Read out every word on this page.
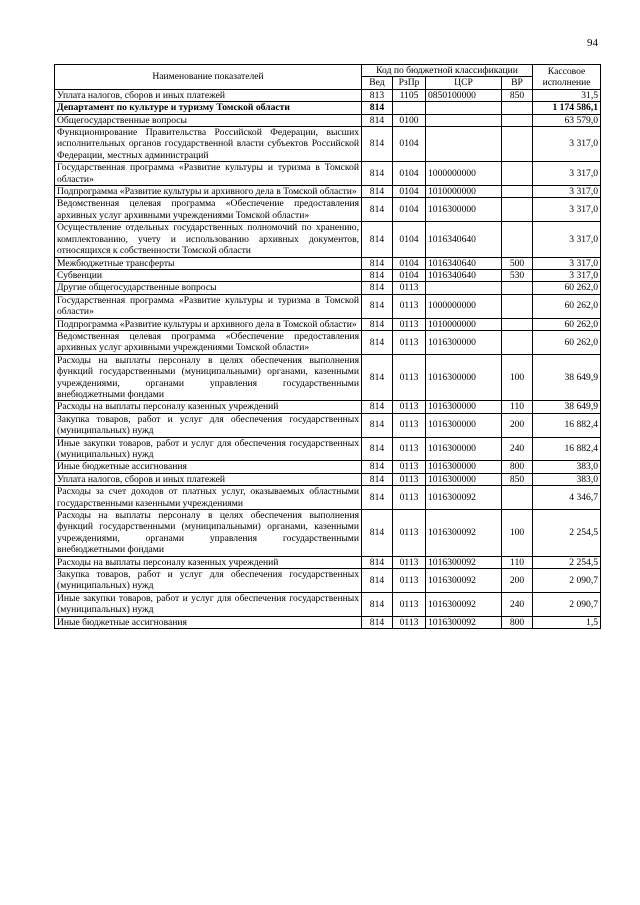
94
Наименование показателей	Код по бюджетной классификации				Кассовое исполнение
	Вед	РзПр	ЦСР	ВР	
Уплата налогов, сборов и иных платежей	813	1105	0850100000	850	31,5
Департамент по культуре и туризму Томской области	814				1 174 586,1
Общегосударственные вопросы	814	0100			63 579,0
Функционирование Правительства Российской Федерации, высших исполнительных органов государственной власти субъектов Российской Федерации, местных администраций	814	0104			3 317,0
Государственная программа «Развитие культуры и туризма в Томской области»	814	0104	1000000000		3 317,0
Подпрограмма «Развитие культуры и архивного дела в Томской области»	814	0104	1010000000		3 317,0
Ведомственная целевая программа «Обеспечение предоставления архивных услуг архивными учреждениями Томской области»	814	0104	1016300000		3 317,0
Осуществление отдельных государственных полномочий по хранению, комплектованию, учету и использованию архивных документов, относящихся к собственности Томской области	814	0104	1016340640		3 317,0
Межбюджетные трансферты	814	0104	1016340640	500	3 317,0
Субвенции	814	0104	1016340640	530	3 317,0
Другие общегосударственные вопросы	814	0113			60 262,0
Государственная программа «Развитие культуры и туризма в Томской области»	814	0113	1000000000		60 262,0
Подпрограмма «Развитие культуры и архивного дела в Томской области»	814	0113	1010000000		60 262,0
Ведомственная целевая программа «Обеспечение предоставления архивных услуг архивными учреждениями Томской области»	814	0113	1016300000		60 262,0
Расходы на выплаты персоналу в целях обеспечения выполнения функций государственными (муниципальными) органами, казенными учреждениями, органами управления государственными внебюджетными фондами	814	0113	1016300000	100	38 649,9
Расходы на выплаты персоналу казенных учреждений	814	0113	1016300000	110	38 649,9
Закупка товаров, работ и услуг для обеспечения государственных (муниципальных) нужд	814	0113	1016300000	200	16 882,4
Иные закупки товаров, работ и услуг для обеспечения государственных (муниципальных) нужд	814	0113	1016300000	240	16 882,4
Иные бюджетные ассигнования	814	0113	1016300000	800	383,0
Уплата налогов, сборов и иных платежей	814	0113	1016300000	850	383,0
Расходы за счет доходов от платных услуг, оказываемых областными государственными казенными учреждениями	814	0113	1016300092		4 346,7
Расходы на выплаты персоналу в целях обеспечения выполнения функций государственными (муниципальными) органами, казенными учреждениями, органами управления государственными внебюджетными фондами	814	0113	1016300092	100	2 254,5
Расходы на выплаты персоналу казенных учреждений	814	0113	1016300092	110	2 254,5
Закупка товаров, работ и услуг для обеспечения государственных (муниципальных) нужд	814	0113	1016300092	200	2 090,7
Иные закупки товаров, работ и услуг для обеспечения государственных (муниципальных) нужд	814	0113	1016300092	240	2 090,7
Иные бюджетные ассигнования	814	0113	1016300092	800	1,5
